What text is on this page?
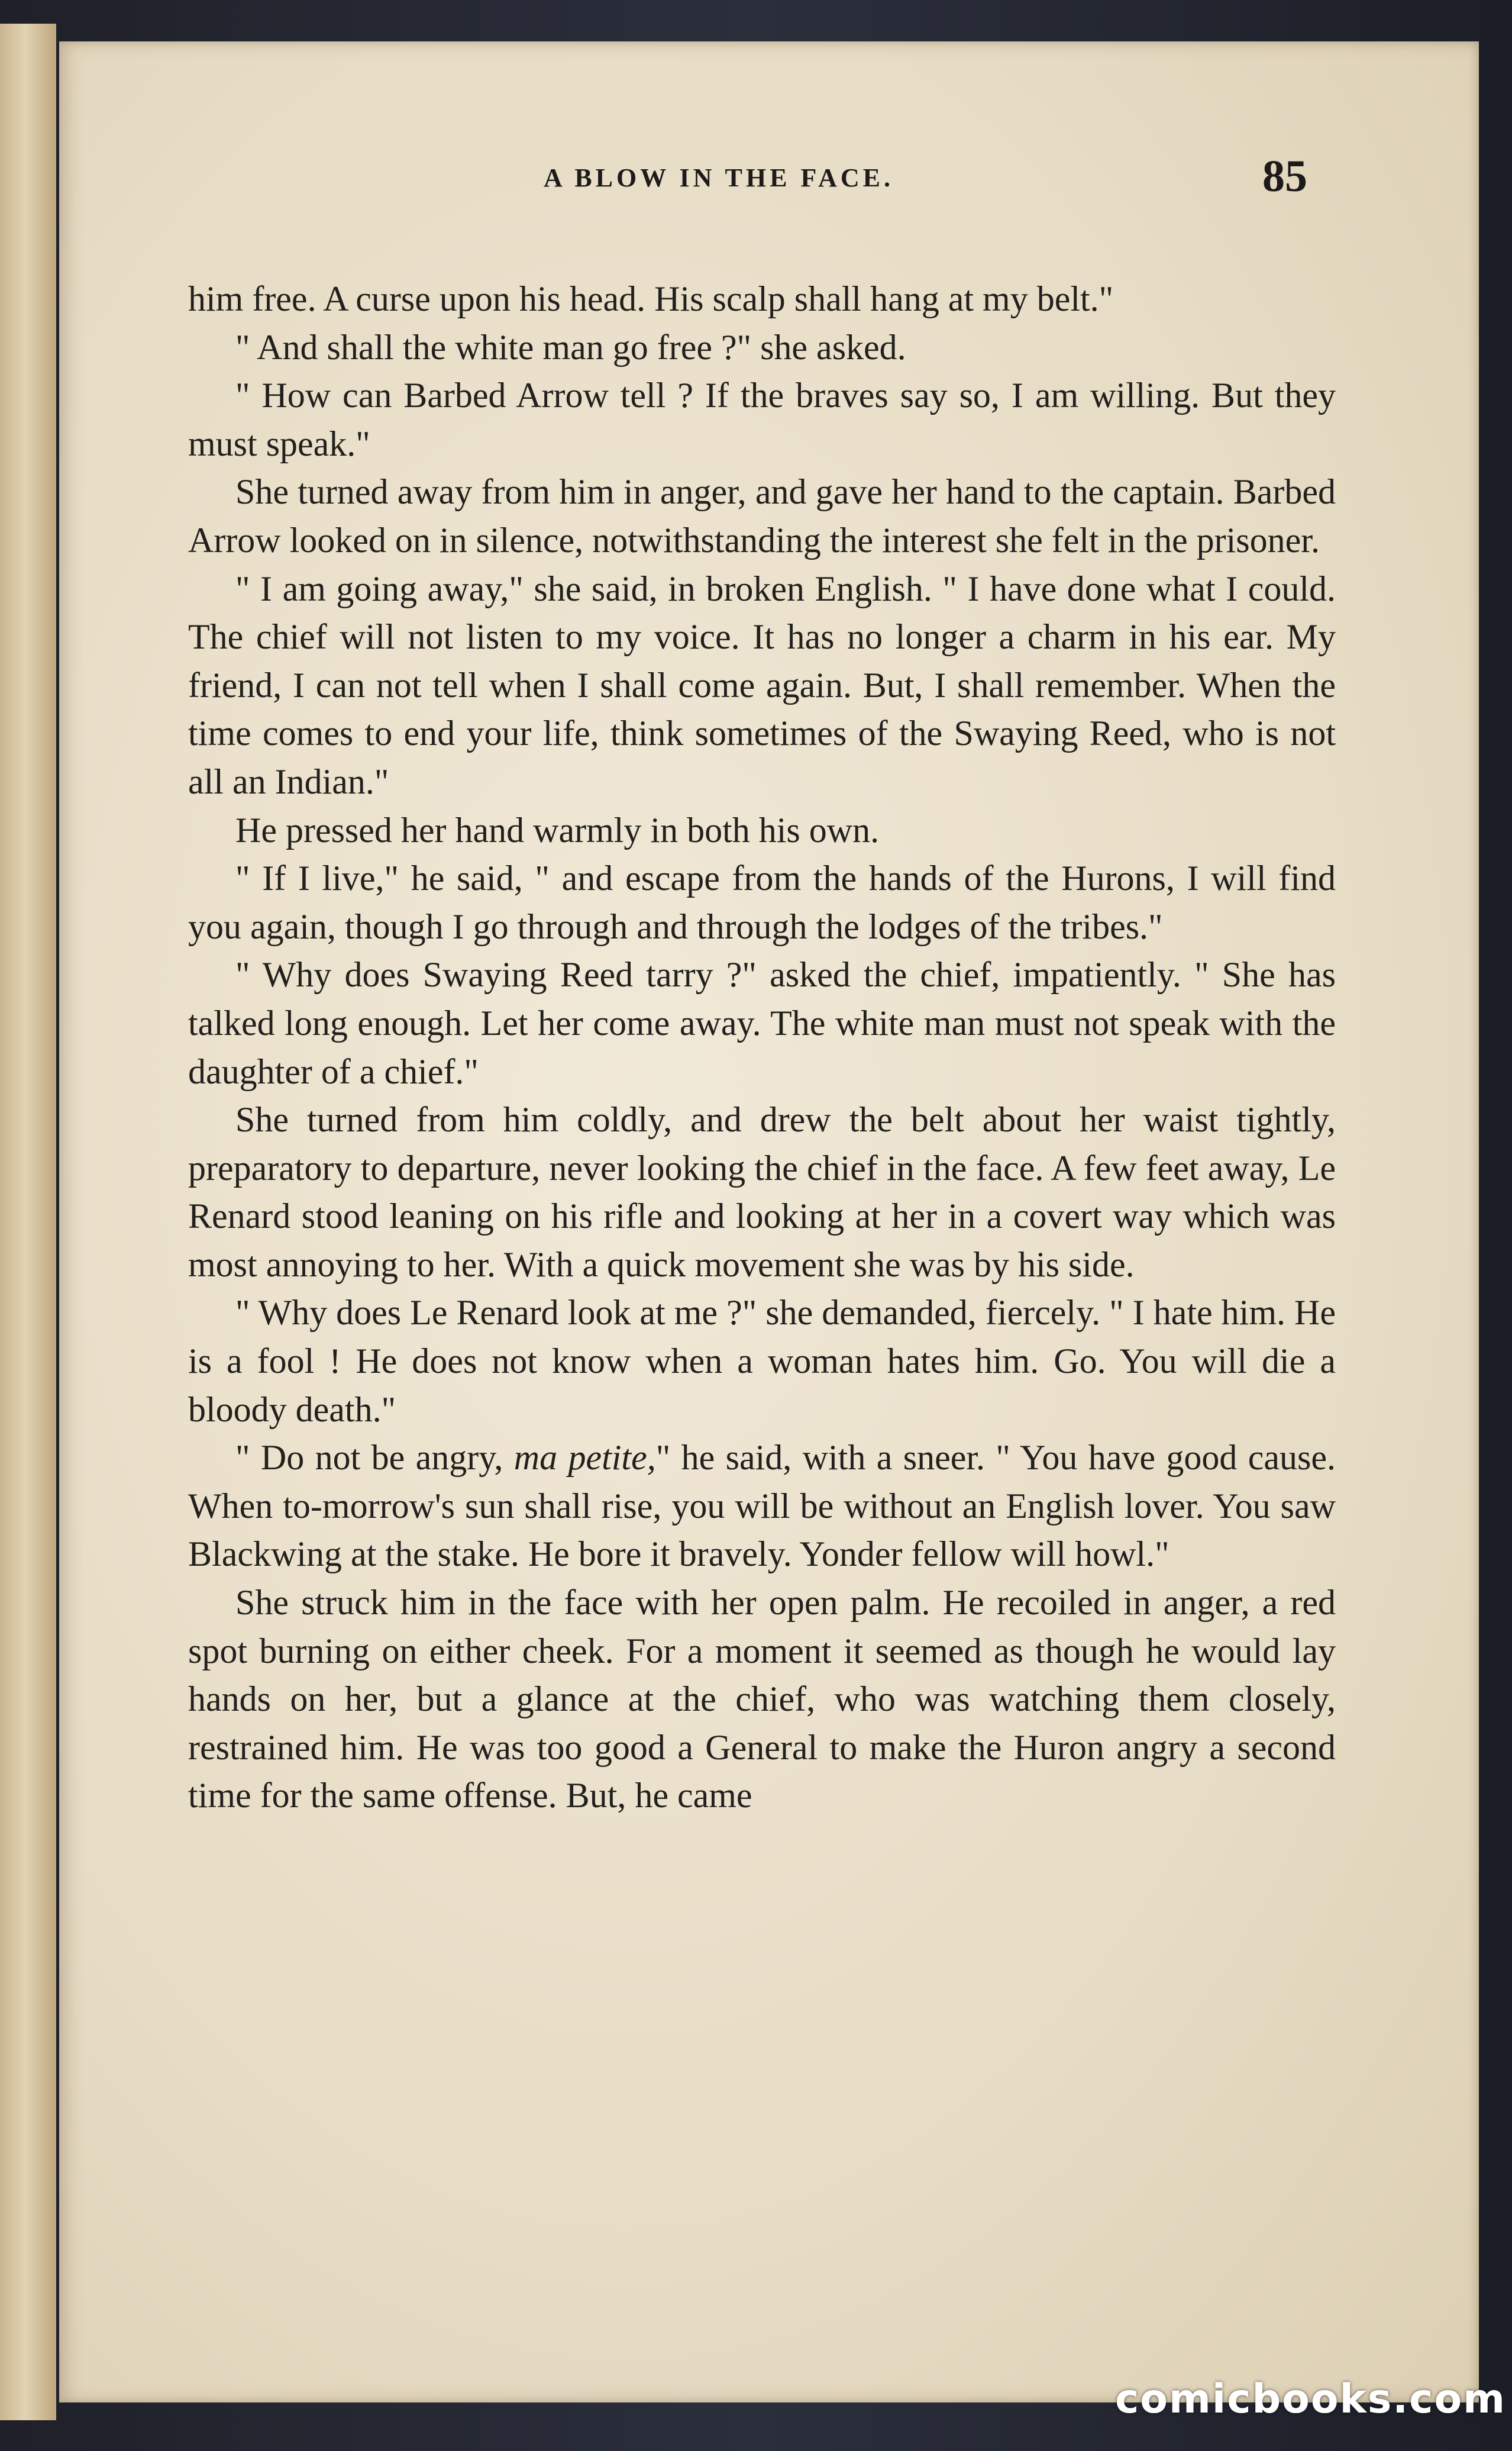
A BLOW IN THE FACE.	85

him free. A curse upon his head. His scalp shall hang at my belt."

" And shall the white man go free ?" she asked.

" How can Barbed Arrow tell ? If the braves say so, I am willing. But they must speak."

She turned away from him in anger, and gave her hand to the captain. Barbed Arrow looked on in silence, notwithstanding the interest she felt in the prisoner.

" I am going away," she said, in broken English. " I have done what I could. The chief will not listen to my voice. It has no longer a charm in his ear. My friend, I can not tell when I shall come again. But, I shall remember. When the time comes to end your life, think sometimes of the Swaying Reed, who is not all an Indian."

He pressed her hand warmly in both his own.

" If I live," he said, " and escape from the hands of the Hurons, I will find you again, though I go through and through the lodges of the tribes."

" Why does Swaying Reed tarry ?" asked the chief, impatiently. " She has talked long enough. Let her come away. The white man must not speak with the daughter of a chief."

She turned from him coldly, and drew the belt about her waist tightly, preparatory to departure, never looking the chief in the face. A few feet away, Le Renard stood leaning on his rifle and looking at her in a covert way which was most annoying to her. With a quick movement she was by his side.

" Why does Le Renard look at me ?" she demanded, fiercely. " I hate him. He is a fool ! He does not know when a woman hates him. Go. You will die a bloody death."

" Do not be angry, ma petite," he said, with a sneer. " You have good cause. When to-morrow's sun shall rise, you will be without an English lover. You saw Blackwing at the stake. He bore it bravely. Yonder fellow will howl."

She struck him in the face with her open palm. He recoiled in anger, a red spot burning on either cheek. For a moment it seemed as though he would lay hands on her, but a glance at the chief, who was watching them closely, restrained him. He was too good a General to make the Huron angry a second time for the same offense. But, he came

comicbooks.com
